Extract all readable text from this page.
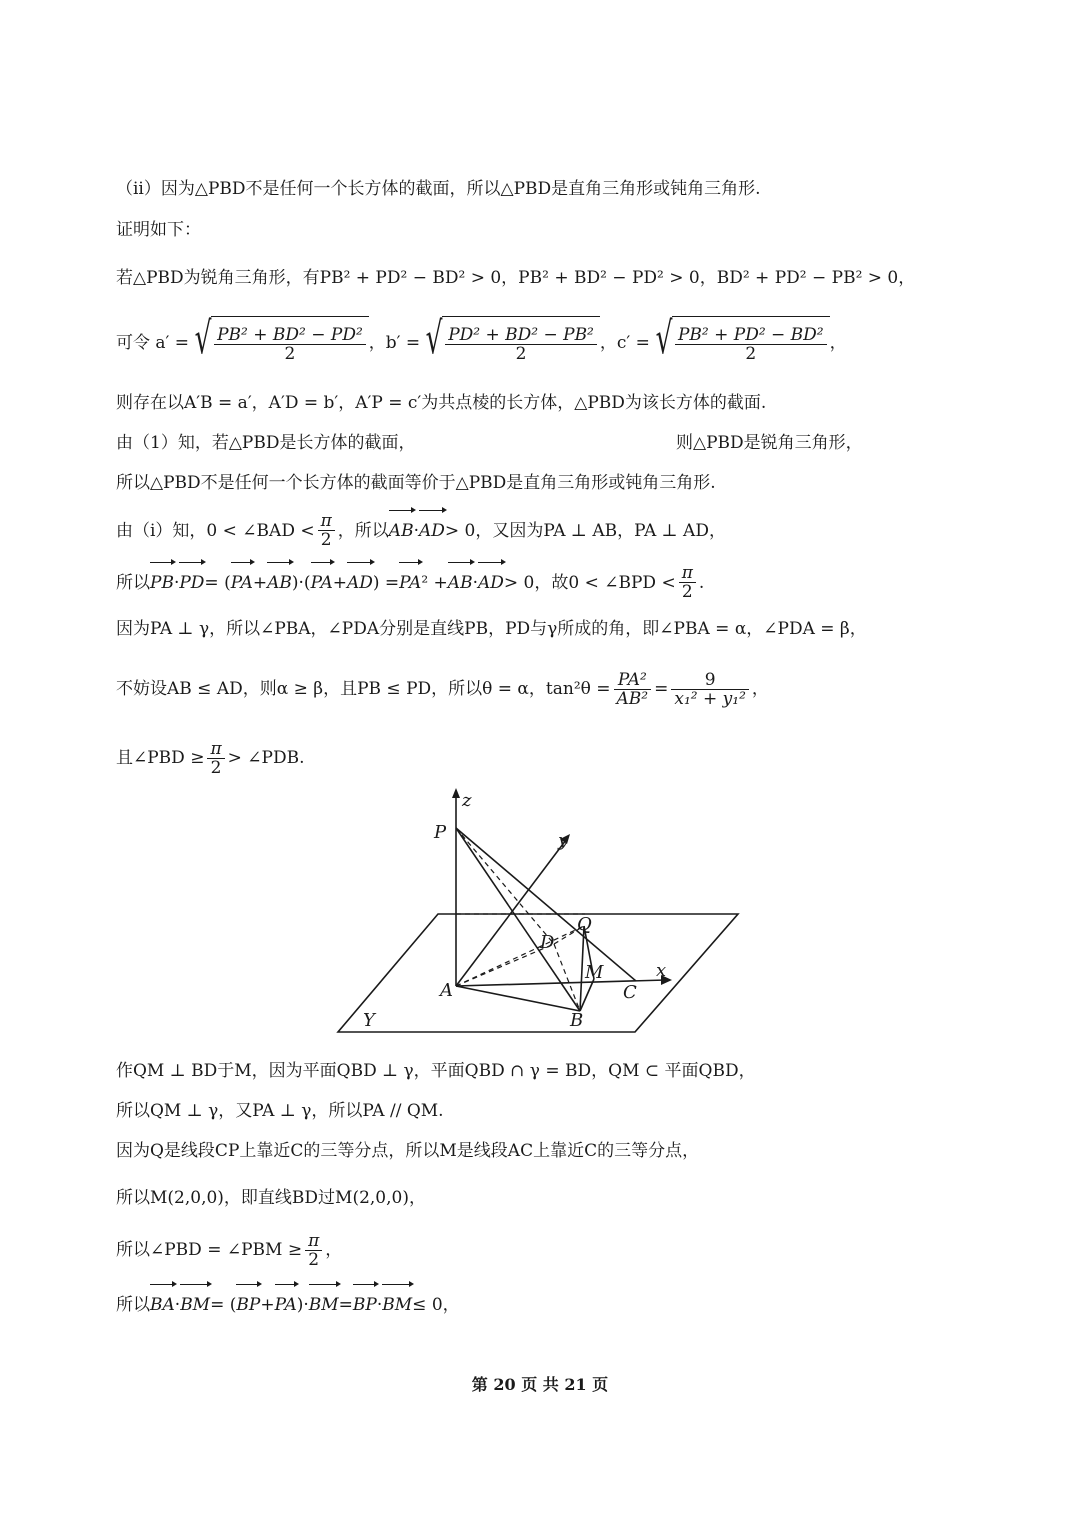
（ii）因为△PBD不是任何一个长方体的截面，所以△PBD是直角三角形或钝角三角形.
证明如下：
若△PBD为锐角三角形，有PB² + PD² − BD² > 0，PB² + BD² − PD² > 0，BD² + PD² − PB² > 0，
可令 a′ = √ $\frac{\text{PB² + BD² − PD²}}{2}$ ，b′ = √ $\frac{\text{PD² + BD² − PB²}}{2}$ ，c′ = √ $\frac{\text{PB² + PD² − BD²}}{2}$ ，
则存在以A′B = a′，A′D = b′，A′P = c′为共点棱的长方体，△PBD为该长方体的截面.
由（1）知，若△PBD是长方体的截面，	则△PBD是锐角三角形，
所以△PBD不是任何一个长方体的截面等价于△PBD是直角三角形或钝角三角形.
由（i）知，0 < ∠BAD < $\frac{\pi}{2}$ ，所以 AB · AD > 0，又因为PA ⊥ AB，PA ⊥ AD，
所以 PB · PD = ( PA + AB )·( PA + AD ) = PA ² + AB · AD > 0，故0 < ∠BPD < $\frac{\pi}{2}$ .
因为PA ⊥ γ，所以∠PBA，∠PDA分别是直线PB，PD与γ所成的角，即∠PBA = α，∠PDA = β，
不妨设AB ≤ AD，则α ≥ β，且PB ≤ PD，所以θ = α，$\tan^2\theta = \frac{\text{PA²}}{\text{AB²}} = \frac{9}{\text{x₁² + y₁²}}$ ，
且∠PBD ≥ $\frac{\pi}{2}$ > ∠PDB.
z
y
x
P
Q
D
M
A	C
B
Υ
作QM ⊥ BD于M，因为平面QBD ⊥ γ，平面QBD ∩ γ = BD，QM ⊂ 平面QBD，
所以QM ⊥ γ，又PA ⊥ γ，所以PA // QM.
因为Q是线段CP上靠近C的三等分点，所以M是线段AC上靠近C的三等分点，
所以M(2,0,0)，即直线BD过M(2,0,0)，
所以∠PBD = ∠PBM ≥ $\frac{\pi}{2}$ ，
所以 BA · BM = ( BP + PA )· BM = BP · BM ≤ 0，
第 20 页 共 21 页
